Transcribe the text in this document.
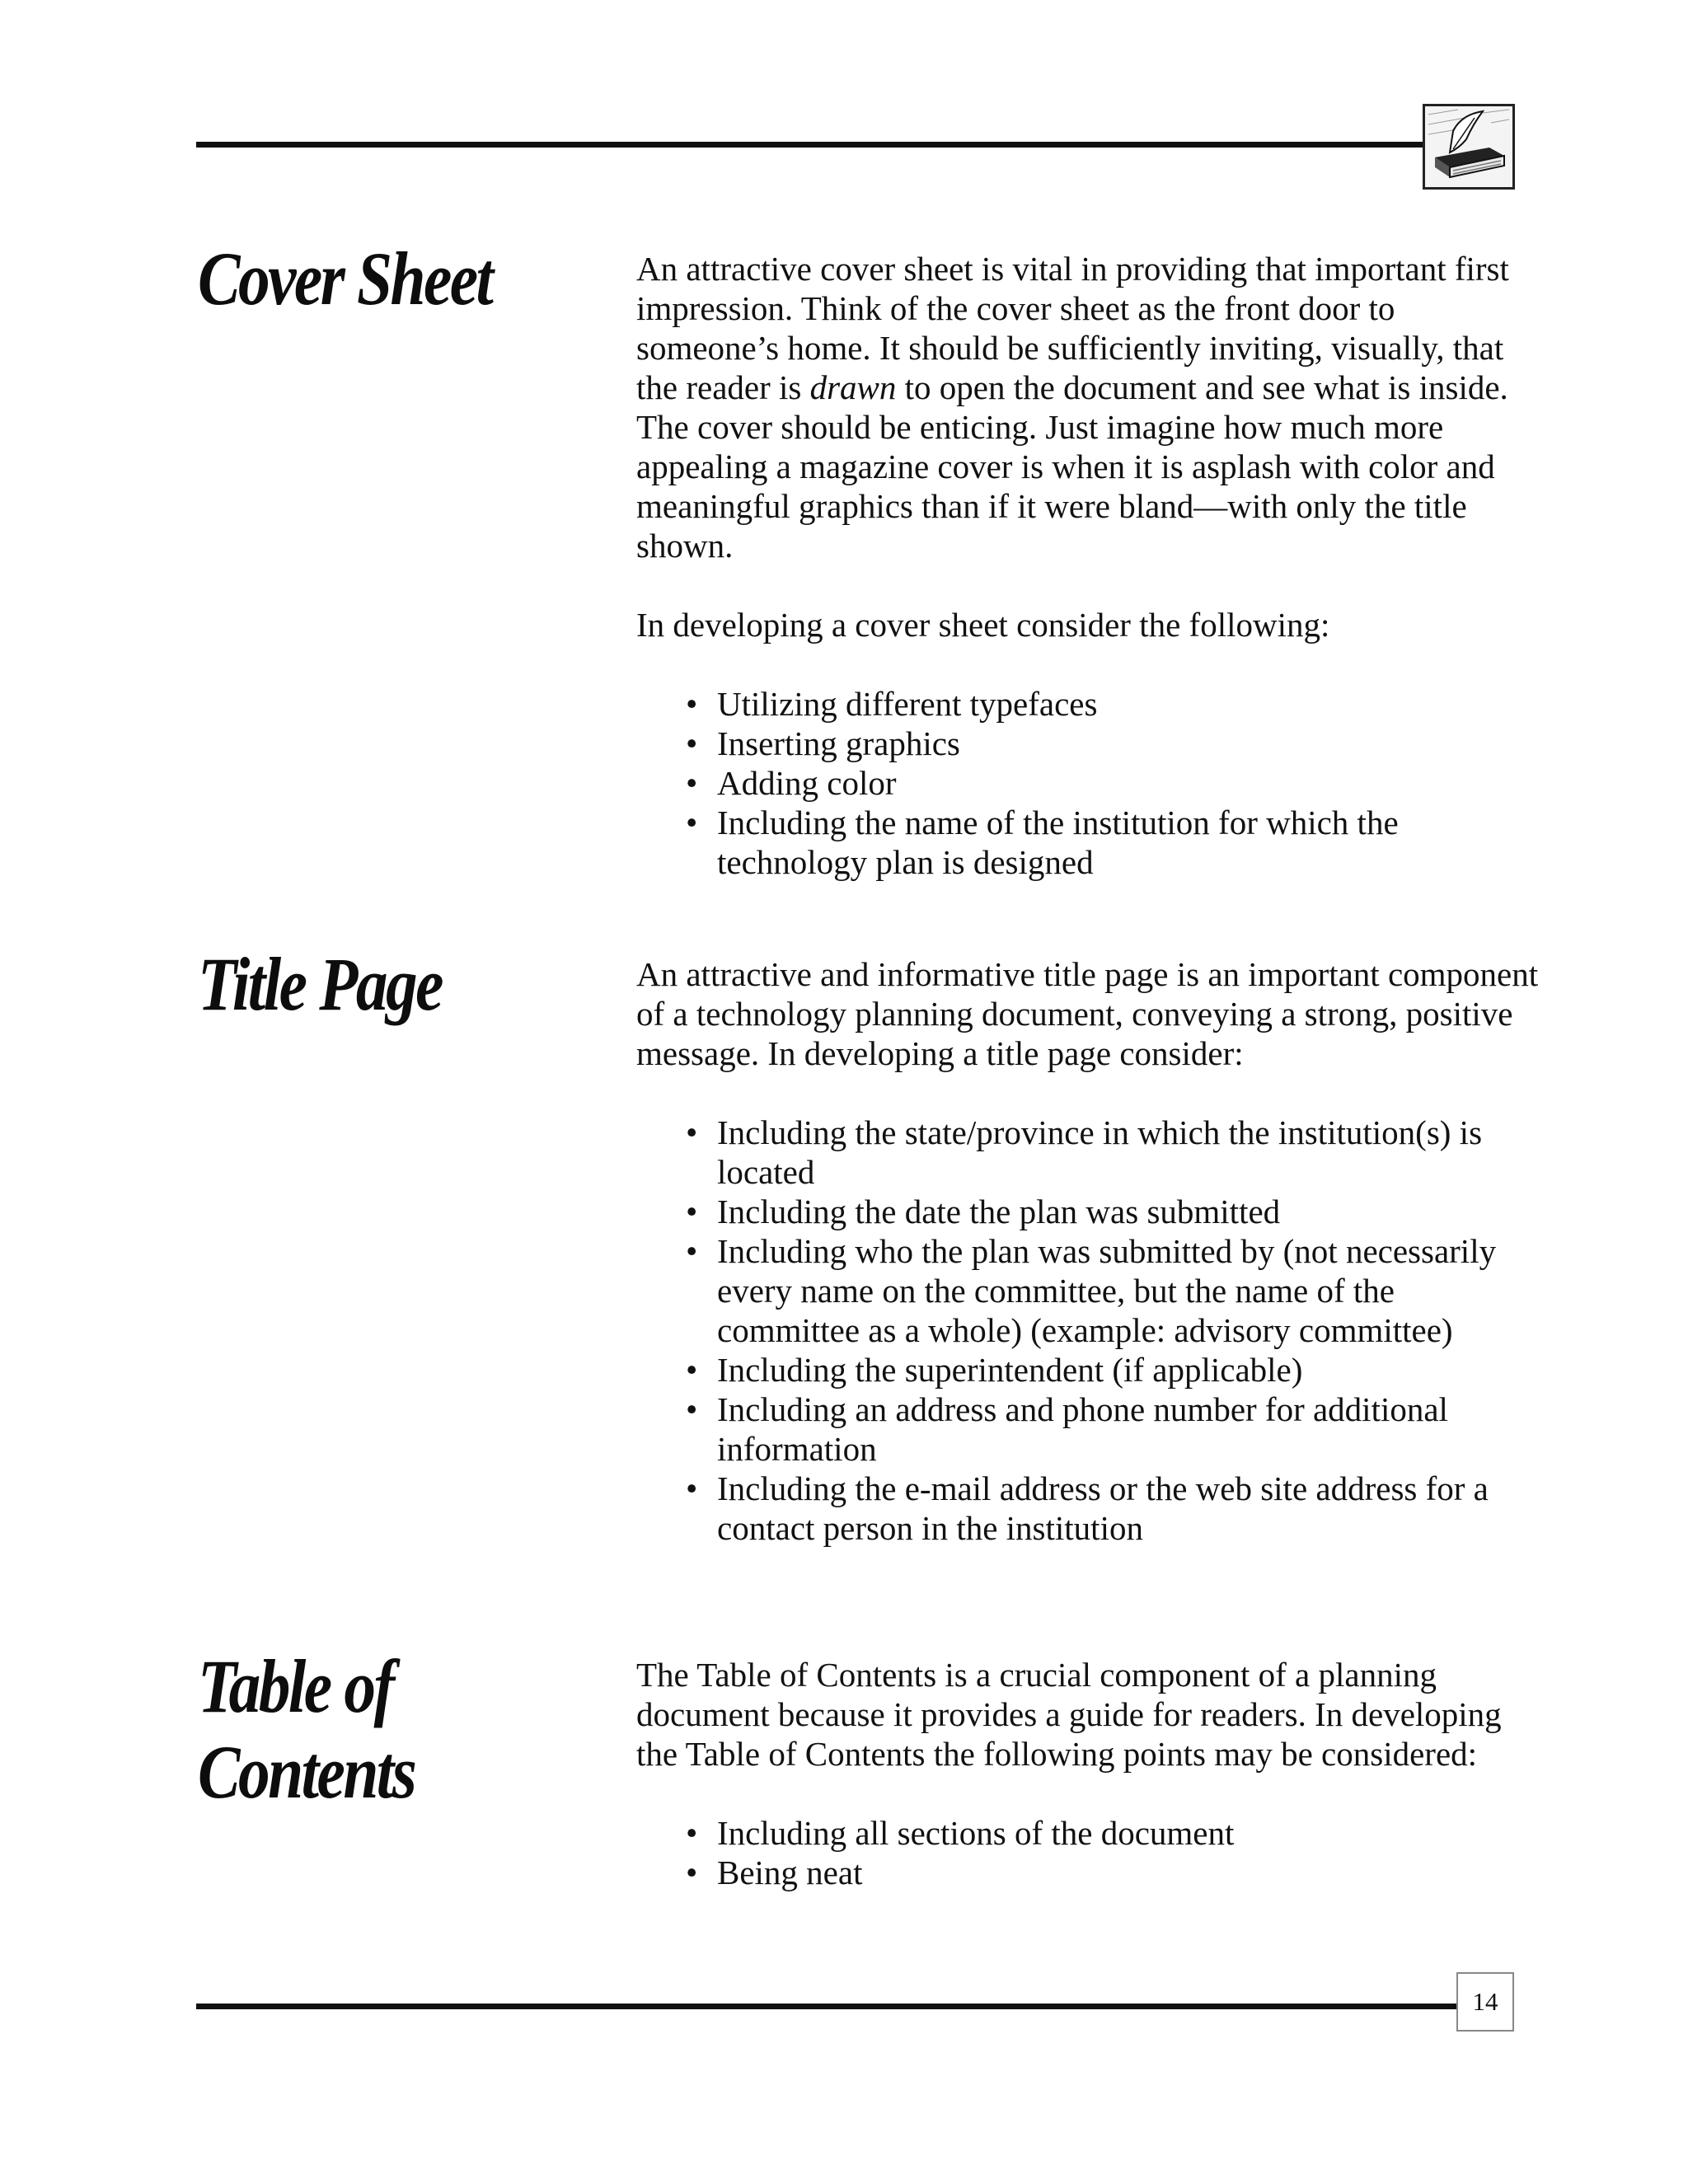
Cover Sheet	An attractive cover sheet is vital in providing that important first impression. Think of the cover sheet as the front door to someone’s home. It should be sufficiently inviting, visually, that the reader is drawn to open the document and see what is inside. The cover should be enticing. Just imagine how much more appealing a magazine cover is when it is asplash with color and meaningful graphics than if it were bland—with only the title shown.

In developing a cover sheet consider the following:

• Utilizing different typefaces
• Inserting graphics
• Adding color
• Including the name of the institution for which the technology plan is designed
Title Page	An attractive and informative title page is an important component of a technology planning document, conveying a strong, positive message. In developing a title page consider:

• Including the state/province in which the institution(s) is located
• Including the date the plan was submitted
• Including who the plan was submitted by (not necessarily every name on the committee, but the name of the committee as a whole) (example: advisory committee)
• Including the superintendent (if applicable)
• Including an address and phone number for additional information
• Including the e-mail address or the web site address for a contact person in the institution
Table of
Contents

The Table of Contents is a crucial component of a planning document because it provides a guide for readers. In developing the Table of Contents the following points may be considered:

• Including all sections of the document
• Being neat
14
